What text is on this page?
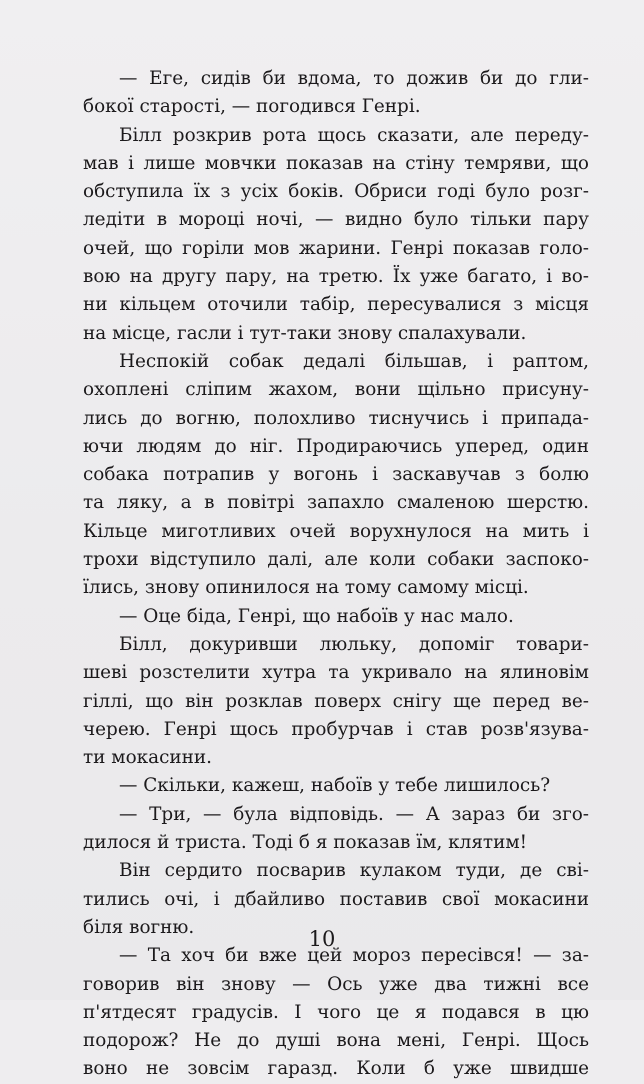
— Еге, сидів би вдома, то дожив би до гли-
бокої старості, — погодився Генрі.
Білл розкрив рота щось сказати, але переду-
мав і лише мовчки показав на стіну темряви, що
обступила їх з усіх боків. Обриси годі було розг-
ледіти в мороці ночі, — видно було тільки пару
очей, що горіли мов жарини. Генрі показав голо-
вою на другу пару, на третю. Їх уже багато, і во-
ни кільцем оточили табір, пересувалися з місця
на місце, гасли і тут-таки знову спалахували.
Неспокій собак дедалі більшав, і раптом,
охоплені сліпим жахом, вони щільно присуну-
лись до вогню, полохливо тиснучись і припада-
ючи людям до ніг. Продираючись уперед, один
собака потрапив у вогонь і заскавучав з болю
та ляку, а в повітрі запахло смаленою шерстю.
Кільце миготливих очей ворухнулося на мить і
трохи відступило далі, але коли собаки заспоко-
їлись, знову опинилося на тому самому місці.
— Оце біда, Генрі, що набоїв у нас мало.
Білл, докуривши люльку, допоміг товари-
шеві розстелити хутра та укривало на ялиновім
гіллі, що він розклав поверх снігу ще перед ве-
черею. Генрі щось пробурчав і став розв'язува-
ти мокасини.
— Скільки, кажеш, набоїв у тебе лишилось?
— Три, — була відповідь. — А зараз би зго-
дилося й триста. Тоді б я показав їм, клятим!
Він сердито посварив кулаком туди, де сві-
тились очі, і дбайливо поставив свої мокасини
біля вогню.
— Та хоч би вже цей мороз пересівся! — за-
говорив він знову — Ось уже два тижні все
п'ятдесят градусів. І чого це я подався в цю
подорож? Не до душі вона мені, Генрі. Щось
воно не зовсім гаразд. Коли б уже швидше
10
